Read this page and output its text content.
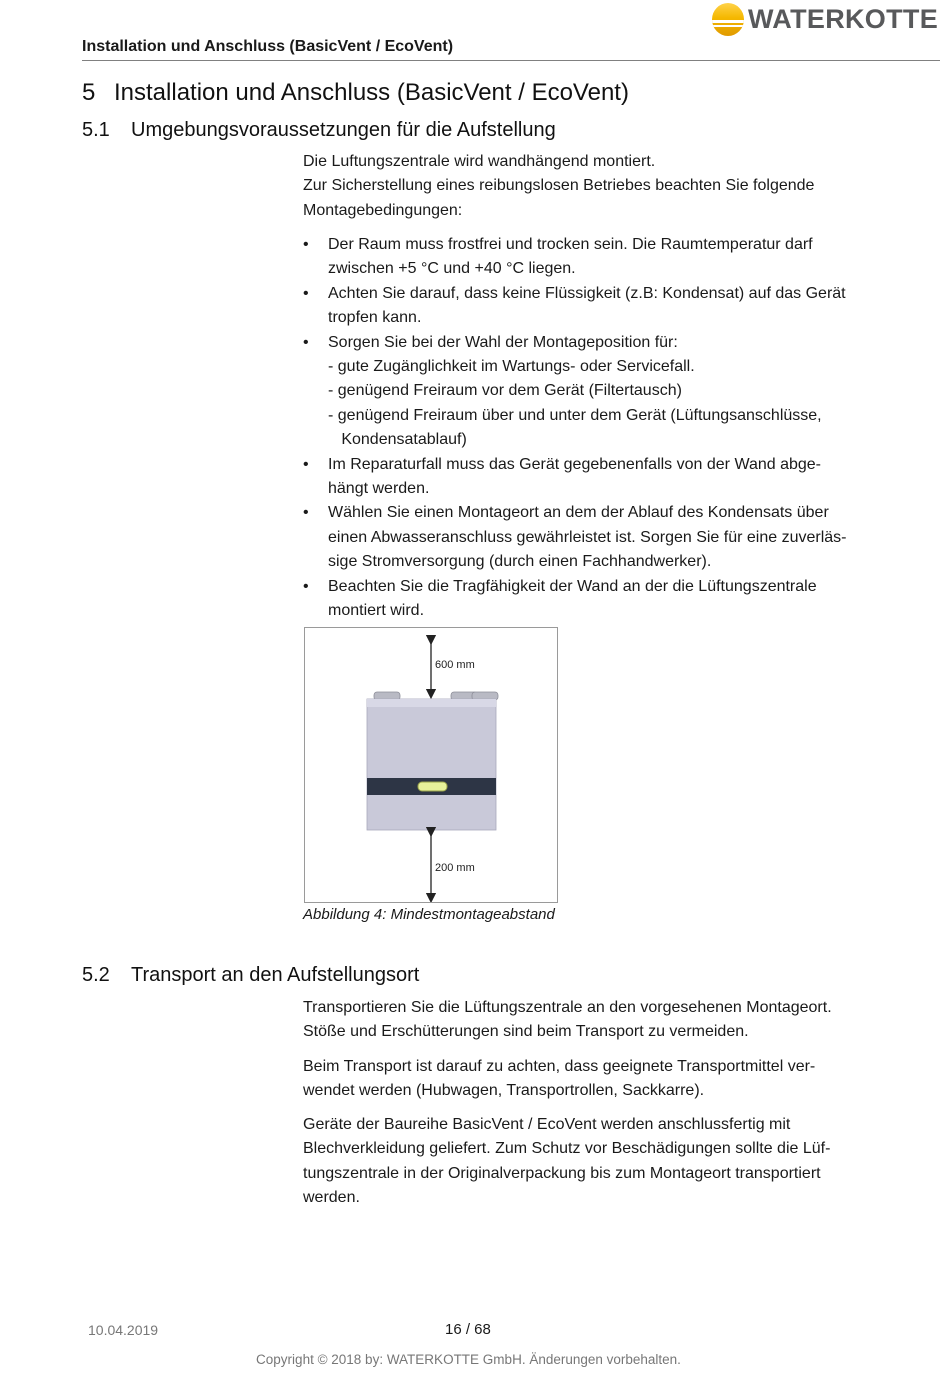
Installation und Anschluss (BasicVent / EcoVent)
WATERKOTTE
5 Installation und Anschluss (BasicVent / EcoVent)
5.1 Umgebungsvoraussetzungen für die Aufstellung
Die Luftungszentrale wird wandhängend montiert.
Zur Sicherstellung eines reibungslosen Betriebes beachten Sie folgende
Montagebedingungen:
• Der Raum muss frostfrei und trocken sein. Die Raumtemperatur darf
zwischen +5 °C und +40 °C liegen.
• Achten Sie darauf, dass keine Flüssigkeit (z.B: Kondensat) auf das Gerät
tropfen kann.
• Sorgen Sie bei der Wahl der Montageposition für:
- gute Zugänglichkeit im Wartungs- oder Servicefall.
- genügend Freiraum vor dem Gerät (Filtertausch)
- genügend Freiraum über und unter dem Gerät (Lüftungsanschlüsse,
Kondensatablauf)
• Im Reparaturfall muss das Gerät gegebenenfalls von der Wand abge-
hängt werden.
• Wählen Sie einen Montageort an dem der Ablauf des Kondensats über
einen Abwasseranschluss gewährleistet ist. Sorgen Sie für eine zuverläs-
sige Stromversorgung (durch einen Fachhandwerker).
• Beachten Sie die Tragfähigkeit der Wand an der die Lüftungszentrale
montiert wird.
600 mm
200 mm
Abbildung 4: Mindestmontageabstand
5.2 Transport an den Aufstellungsort
Transportieren Sie die Lüftungszentrale an den vorgesehenen Montageort.
Stöße und Erschütterungen sind beim Transport zu vermeiden.
Beim Transport ist darauf zu achten, dass geeignete Transportmittel ver-
wendet werden (Hubwagen, Transportrollen, Sackkarre).
Geräte der Baureihe BasicVent / EcoVent werden anschlussfertig mit
Blechverkleidung geliefert. Zum Schutz vor Beschädigungen sollte die Lüf-
tungszentrale in der Originalverpackung bis zum Montageort transportiert
werden.
10.04.2019	16 / 68
Copyright © 2018 by: WATERKOTTE GmbH. Änderungen vorbehalten.
